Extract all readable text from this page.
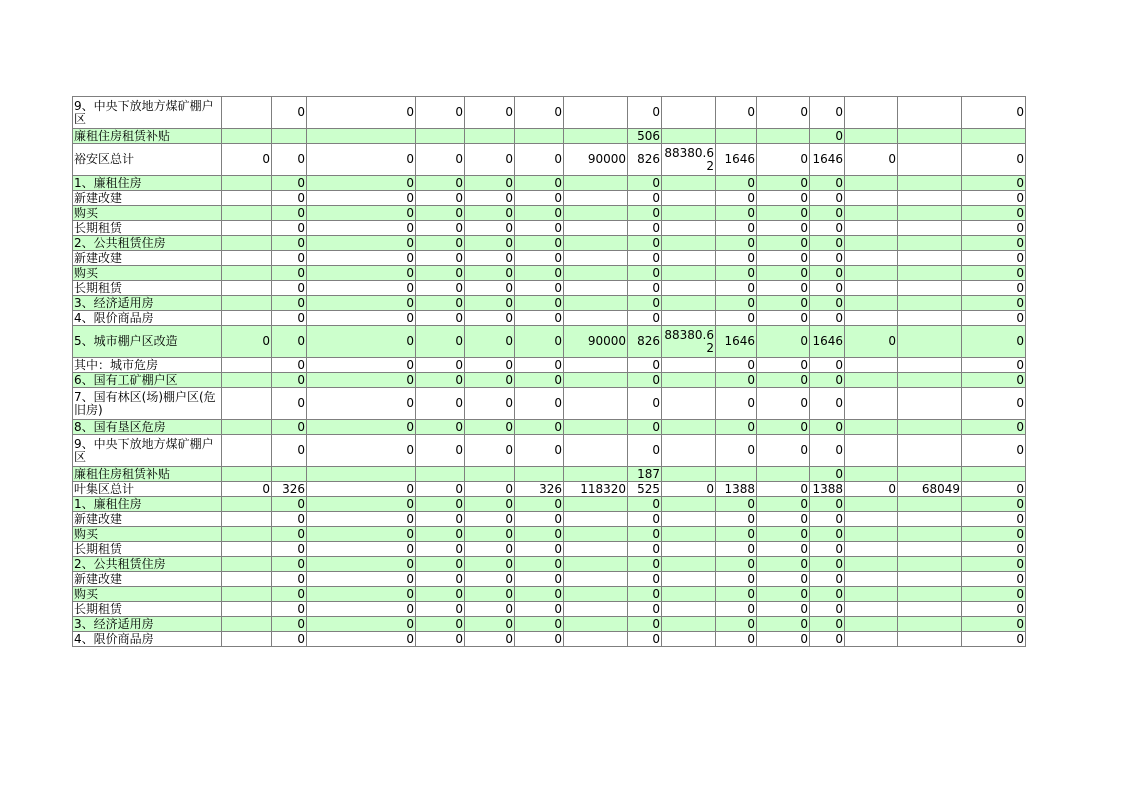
9、中央下放地方煤矿棚户区		0	0	0	0	0		0		0	0	0			0
廉租住房租赁补贴								506				0			
裕安区总计	0	0	0	0	0	0	90000	826	88380.62	1646	0	1646	0		0
1、廉租住房		0	0	0	0	0		0		0	0	0			0
新建改建		0	0	0	0	0		0		0	0	0			0
购买		0	0	0	0	0		0		0	0	0			0
长期租赁		0	0	0	0	0		0		0	0	0			0
2、公共租赁住房		0	0	0	0	0		0		0	0	0			0
新建改建		0	0	0	0	0		0		0	0	0			0
购买		0	0	0	0	0		0		0	0	0			0
长期租赁		0	0	0	0	0		0		0	0	0			0
3、经济适用房		0	0	0	0	0		0		0	0	0			0
4、限价商品房		0	0	0	0	0		0		0	0	0			0
5、城市棚户区改造	0	0	0	0	0	0	90000	826	88380.62	1646	0	1646	0		0
其中：城市危房		0	0	0	0	0		0		0	0	0			0
6、国有工矿棚户区		0	0	0	0	0		0		0	0	0			0
7、国有林区(场)棚户区(危旧房)		0	0	0	0	0		0		0	0	0			0
8、国有垦区危房		0	0	0	0	0		0		0	0	0			0
9、中央下放地方煤矿棚户区		0	0	0	0	0		0		0	0	0			0
廉租住房租赁补贴								187				0			
叶集区总计	0	326	0	0	0	326	118320	525	0	1388	0	1388	0	68049	0
1、廉租住房		0	0	0	0	0		0		0	0	0			0
新建改建		0	0	0	0	0		0		0	0	0			0
购买		0	0	0	0	0		0		0	0	0			0
长期租赁		0	0	0	0	0		0		0	0	0			0
2、公共租赁住房		0	0	0	0	0		0		0	0	0			0
新建改建		0	0	0	0	0		0		0	0	0			0
购买		0	0	0	0	0		0		0	0	0			0
长期租赁		0	0	0	0	0		0		0	0	0			0
3、经济适用房		0	0	0	0	0		0		0	0	0			0
4、限价商品房		0	0	0	0	0		0		0	0	0			0
